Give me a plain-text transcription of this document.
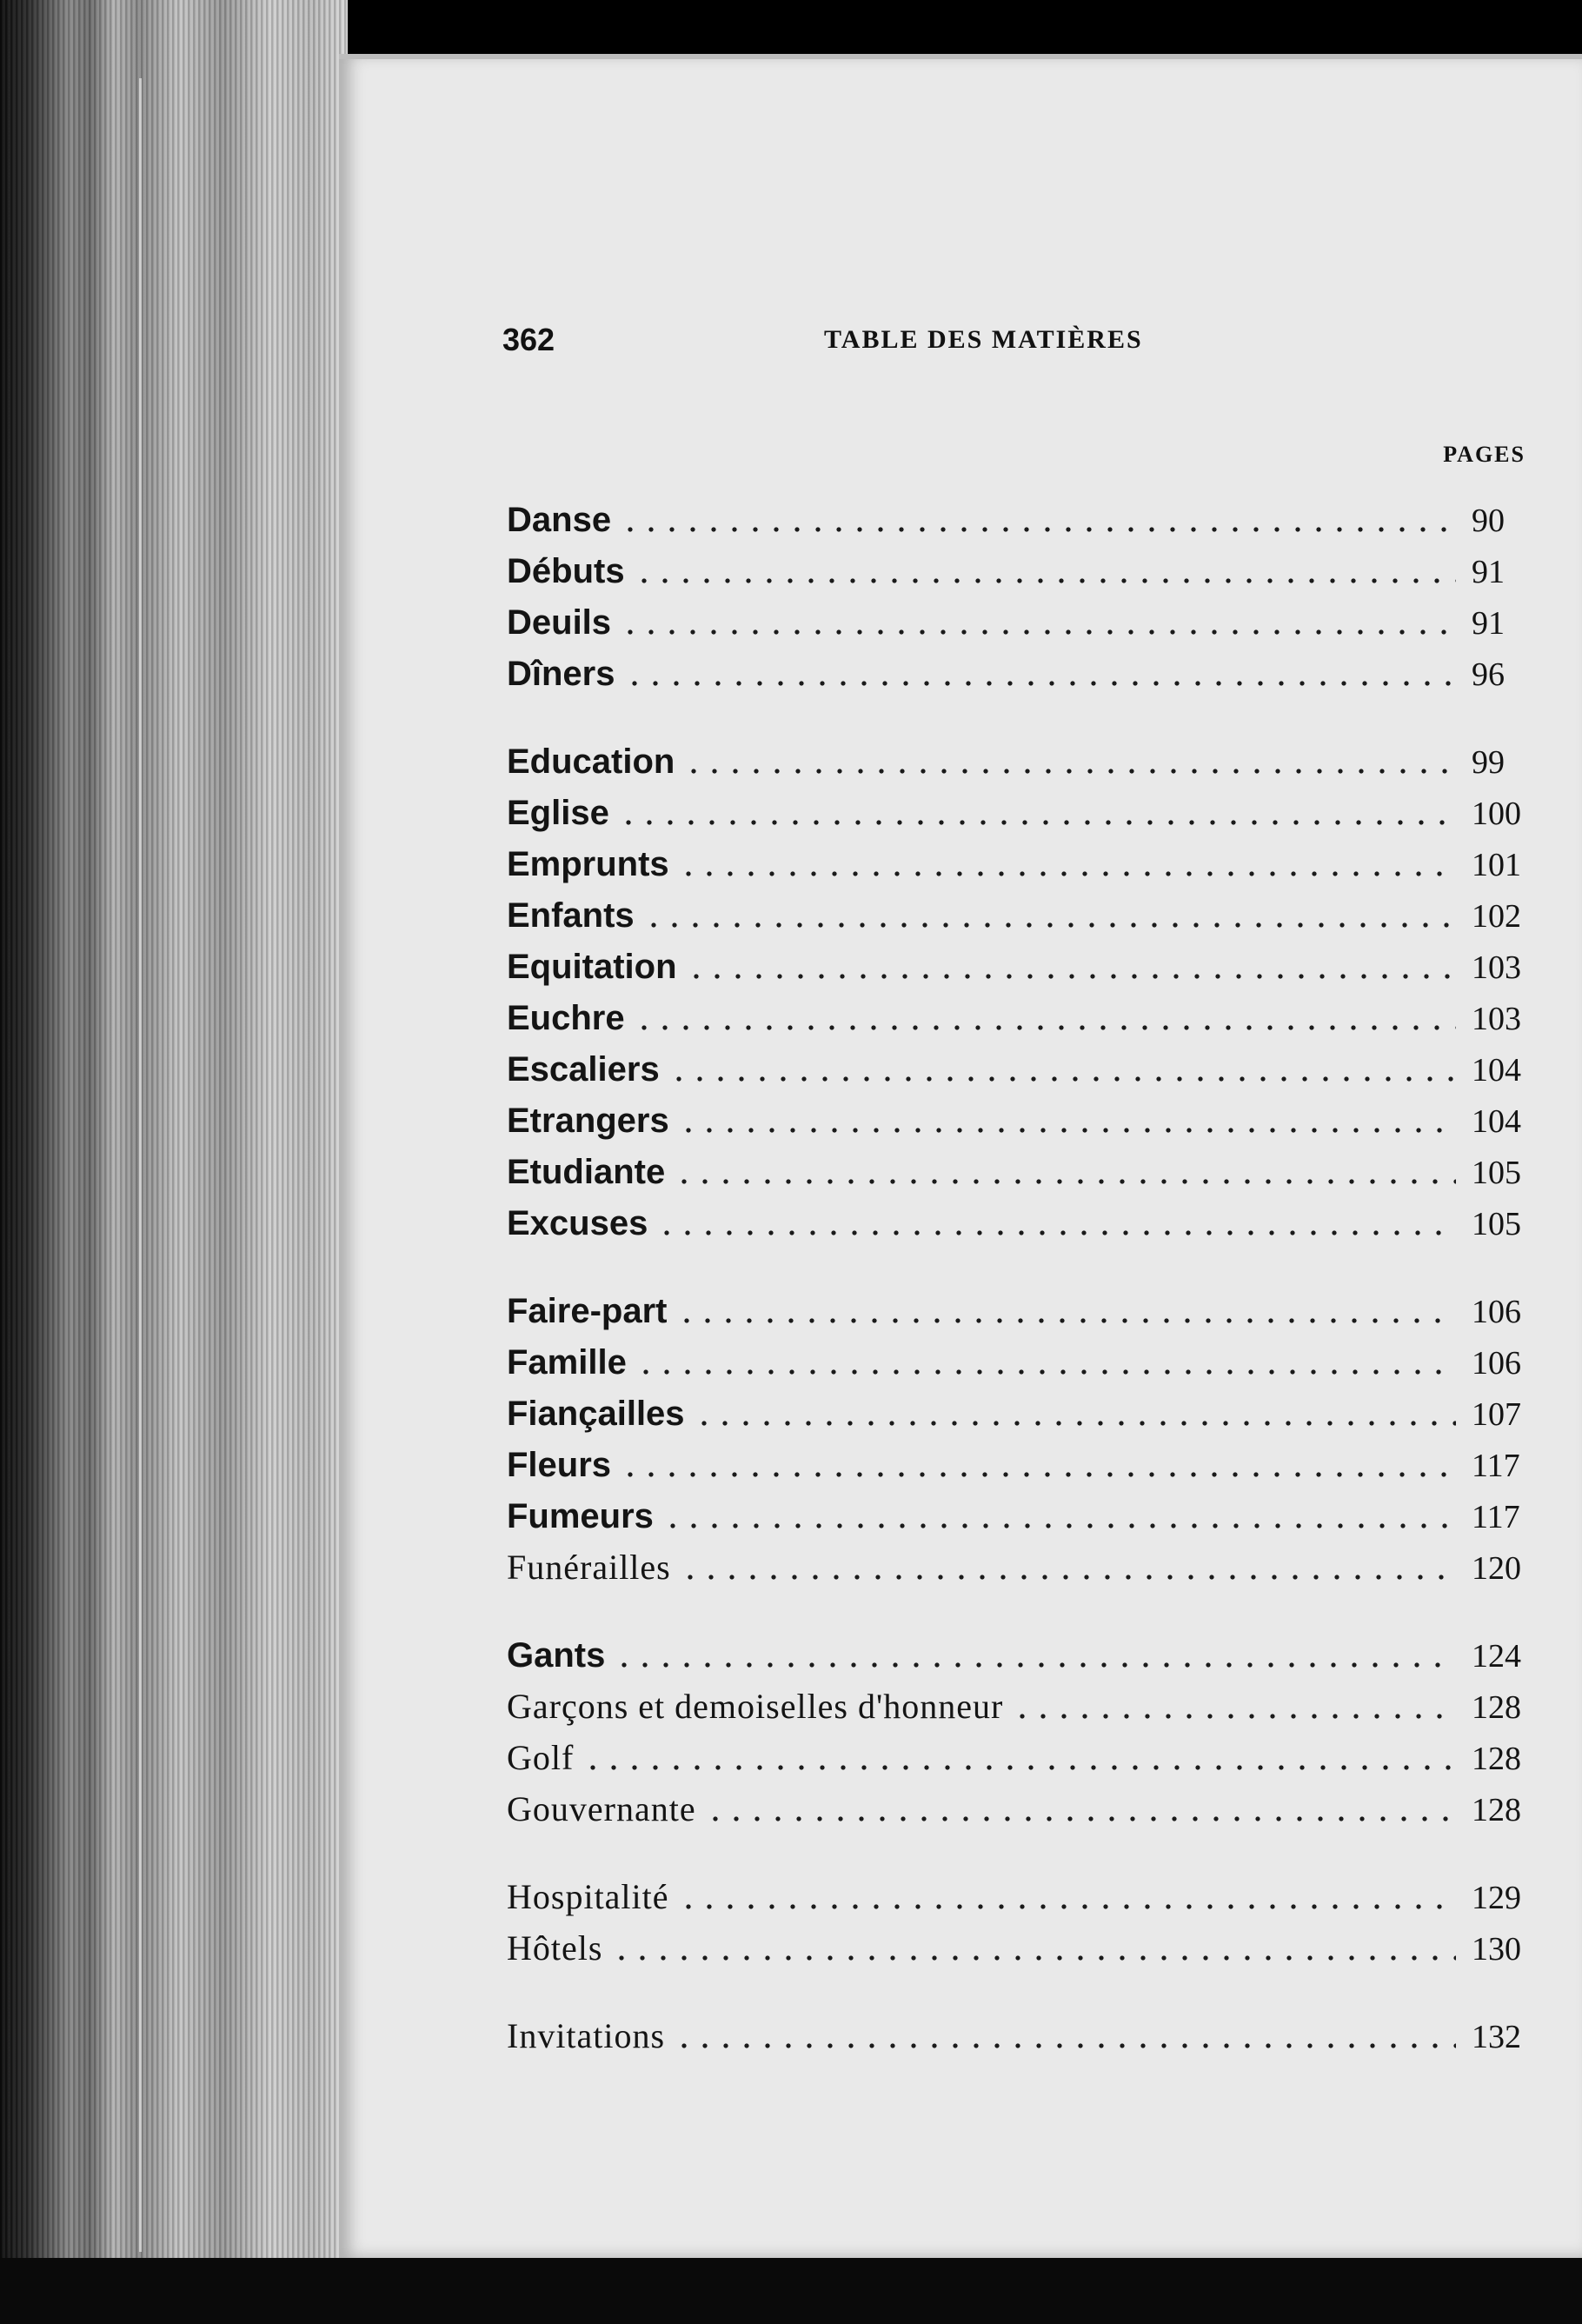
362	TABLE DES MATIÈRES
PAGES
Danse	90
Débuts	91
Deuils	91
Dîners	96
Education	99
Eglise	100
Emprunts	101
Enfants	102
Equitation	103
Euchre	103
Escaliers	104
Etrangers	104
Etudiante	105
Excuses	105
Faire-part	106
Famille	106
Fiançailles	107
Fleurs	117
Fumeurs	117
Funérailles	120
Gants	124
Garçons et demoiselles d'honneur	128
Golf	128
Gouvernante	128
Hospitalité	129
Hôtels	130
Invitations	132
